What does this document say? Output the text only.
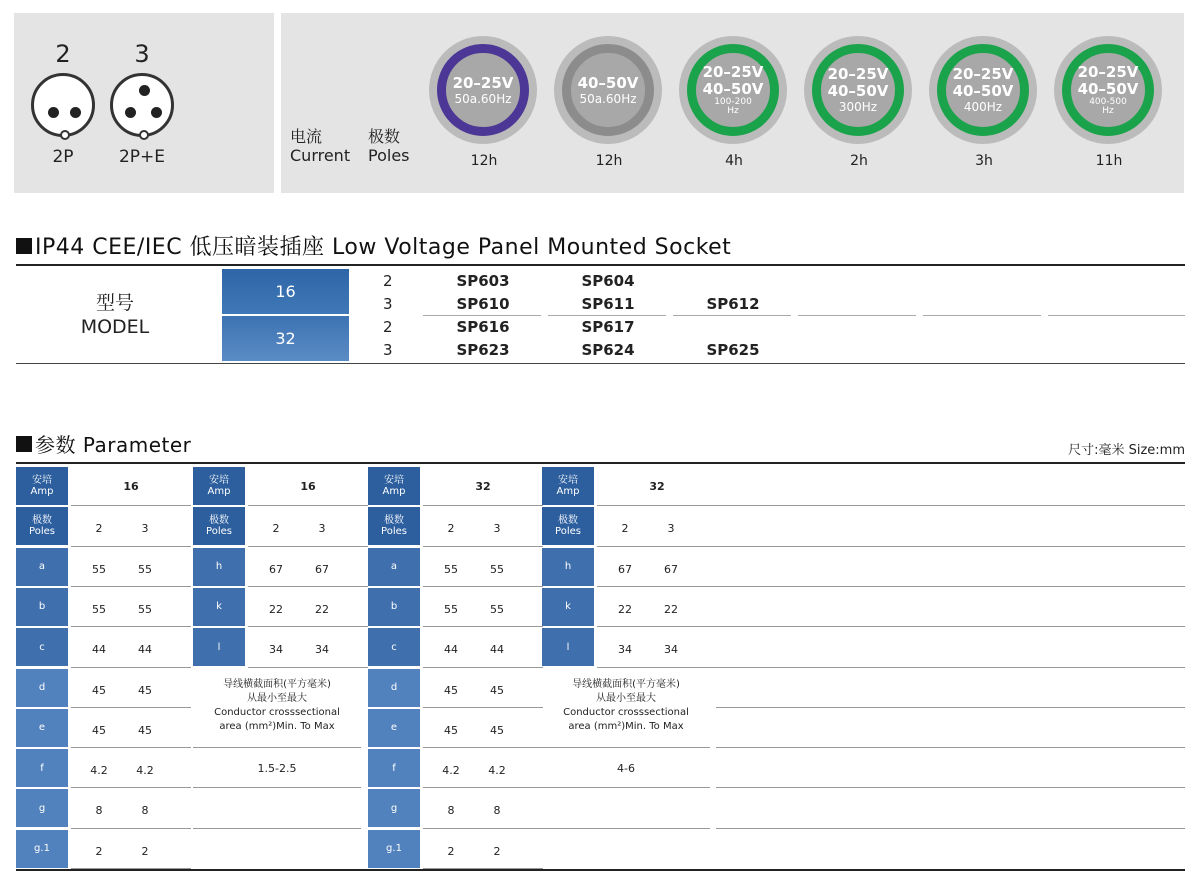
2
2P
3
2P+E
电流
Current
极数
Poles
20–25V
50a.60Hz
12h
40–50V
50a.60Hz
12h
20–25V
40–50V
100-200
Hz
4h
20–25V
40–50V
300Hz
2h
20–25V
40–50V
400Hz
3h
20–25V
40–50V
400-500
Hz
11h
IP44 CEE/IEC 低压暗装插座 Low Voltage Panel Mounted Socket
型号
MODEL
16
32
2	SP603	SP604
3	SP610	SP611	SP612
2	SP616	SP617
3	SP623	SP624	SP625
参数 Parameter	尺寸:毫米 Size:mm
安培
Amp	16
极数
Poles	2	3
a	55	55
b	55	55
c	44	44
d	45	45
e	45	45
f	4.2	4.2
g	8	8
g.1	2	2
安培
Amp	16
极数
Poles	2	3
h	67	67
k	22	22
l	34	34
导线横截面积(平方毫米)
从最小至最大
Conductor crosssectional
area (mm²)Min. To Max
1.5-2.5
安培
Amp	32
极数
Poles	2	3
a	55	55
b	55	55
c	44	44
d	45	45
e	45	45
f	4.2	4.2
g	8	8
g.1	2	2
安培
Amp	32
极数
Poles	2	3
h	67	67
k	22	22
l	34	34
导线横截面积(平方毫米)
从最小至最大
Conductor crosssectional
area (mm²)Min. To Max
4-6
